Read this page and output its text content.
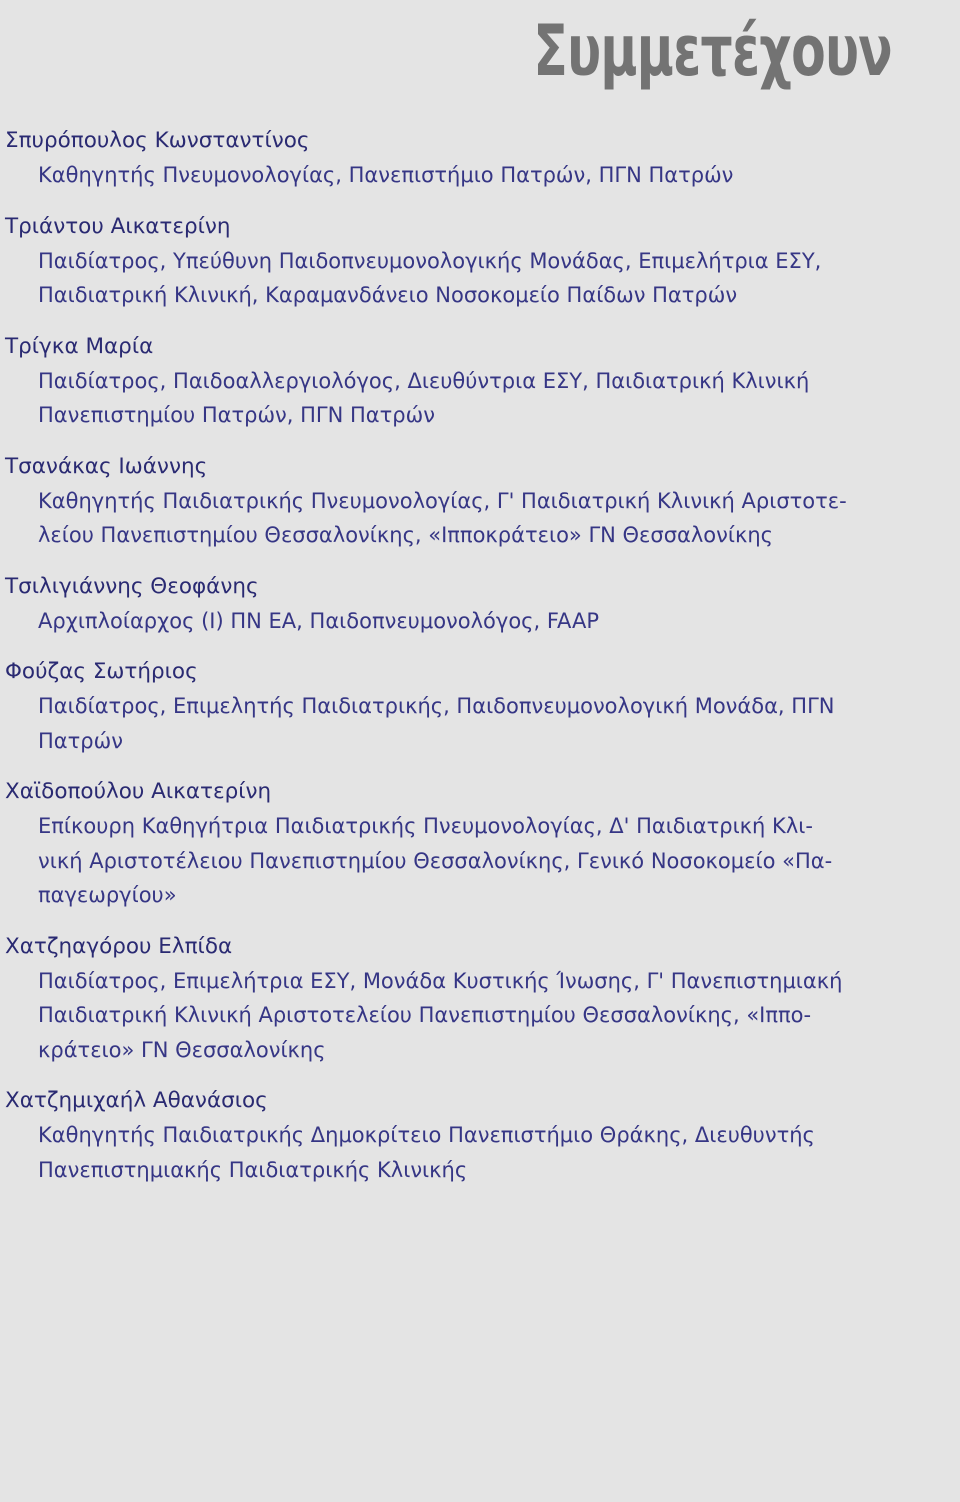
Συμμετέχουν
Σπυρόπουλος Κωνσταντίνος
Καθηγητής Πνευμονολογίας, Πανεπιστήμιο Πατρών, ΠΓΝ Πατρών
Τριάντου Αικατερίνη
Παιδίατρος, Υπεύθυνη Παιδοπνευμονολογικής Μονάδας, Επιμελήτρια ΕΣΥ,
Παιδιατρική Κλινική, Καραμανδάνειο Νοσοκομείο Παίδων Πατρών
Τρίγκα Μαρία
Παιδίατρος, Παιδοαλλεργιολόγος, Διευθύντρια ΕΣΥ, Παιδιατρική Κλινική
Πανεπιστημίου Πατρών, ΠΓΝ Πατρών
Τσανάκας Ιωάννης
Καθηγητής Παιδιατρικής Πνευμονολογίας, Γ' Παιδιατρική Κλινική Αριστοτε-
λείου Πανεπιστημίου Θεσσαλονίκης, «Ιπποκράτειο» ΓΝ Θεσσαλονίκης
Τσιλιγιάννης Θεοφάνης
Αρχιπλοίαρχος (Ι) ΠΝ ΕΑ, Παιδοπνευμονολόγος, FAAP
Φούζας Σωτήριος
Παιδίατρος, Επιμελητής Παιδιατρικής, Παιδοπνευμονολογική Μονάδα, ΠΓΝ
Πατρών
Χαϊδοπούλου Αικατερίνη
Επίκουρη Καθηγήτρια Παιδιατρικής Πνευμονολογίας, Δ' Παιδιατρική Κλι-
νική Αριστοτέλειου Πανεπιστημίου Θεσσαλονίκης, Γενικό Νοσοκομείο «Πα-
παγεωργίου»
Χατζηαγόρου Ελπίδα
Παιδίατρος, Επιμελήτρια ΕΣΥ, Μονάδα Κυστικής Ίνωσης, Γ' Πανεπιστημιακή
Παιδιατρική Κλινική Αριστοτελείου Πανεπιστημίου Θεσσαλονίκης, «Ιππο-
κράτειο» ΓΝ Θεσσαλονίκης
Χατζημιχαήλ Αθανάσιος
Καθηγητής Παιδιατρικής Δημοκρίτειο Πανεπιστήμιο Θράκης, Διευθυντής
Πανεπιστημιακής Παιδιατρικής Κλινικής
